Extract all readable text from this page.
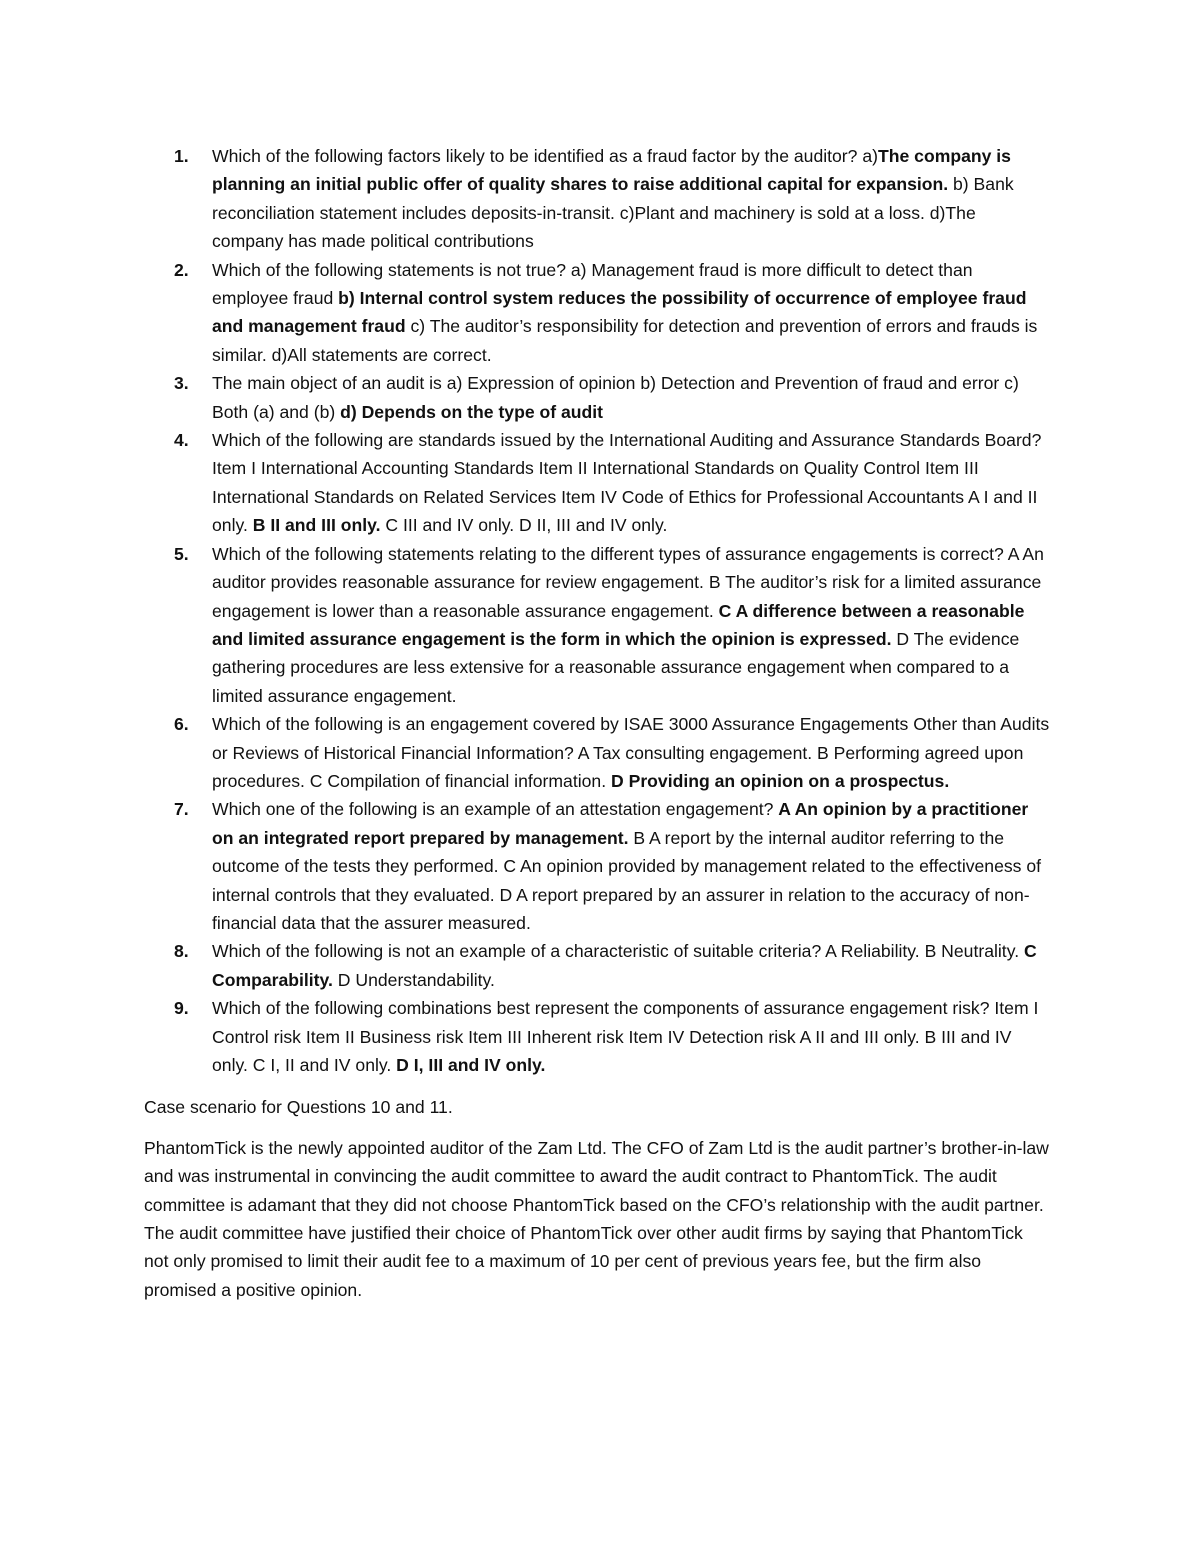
1. Which of the following factors likely to be identified as a fraud factor by the auditor? a)The company is planning an initial public offer of quality shares to raise additional capital for expansion. b) Bank reconciliation statement includes deposits-in-transit. c)Plant and machinery is sold at a loss. d)The company has made political contributions
2. Which of the following statements is not true? a) Management fraud is more difficult to detect than employee fraud b) Internal control system reduces the possibility of occurrence of employee fraud and management fraud c) The auditor’s responsibility for detection and prevention of errors and frauds is similar. d)All statements are correct.
3. The main object of an audit is a) Expression of opinion b) Detection and Prevention of fraud and error c) Both (a) and (b) d) Depends on the type of audit
4. Which of the following are standards issued by the International Auditing and Assurance Standards Board? Item I International Accounting Standards Item II International Standards on Quality Control Item III International Standards on Related Services Item IV Code of Ethics for Professional Accountants A I and II only. B II and III only. C III and IV only. D II, III and IV only.
5. Which of the following statements relating to the different types of assurance engagements is correct? A An auditor provides reasonable assurance for review engagement. B The auditor’s risk for a limited assurance engagement is lower than a reasonable assurance engagement. C A difference between a reasonable and limited assurance engagement is the form in which the opinion is expressed. D The evidence gathering procedures are less extensive for a reasonable assurance engagement when compared to a limited assurance engagement.
6. Which of the following is an engagement covered by ISAE 3000 Assurance Engagements Other than Audits or Reviews of Historical Financial Information? A Tax consulting engagement. B Performing agreed upon procedures. C Compilation of financial information. D Providing an opinion on a prospectus.
7. Which one of the following is an example of an attestation engagement? A An opinion by a practitioner on an integrated report prepared by management. B A report by the internal auditor referring to the outcome of the tests they performed. C An opinion provided by management related to the effectiveness of internal controls that they evaluated. D A report prepared by an assurer in relation to the accuracy of non-financial data that the assurer measured.
8. Which of the following is not an example of a characteristic of suitable criteria? A Reliability. B Neutrality. C Comparability. D Understandability.
9. Which of the following combinations best represent the components of assurance engagement risk? Item I Control risk Item II Business risk Item III Inherent risk Item IV Detection risk A II and III only. B III and IV only. C I, II and IV only. D I, III and IV only.

Case scenario for Questions 10 and 11.

PhantomTick is the newly appointed auditor of the Zam Ltd. The CFO of Zam Ltd is the audit partner’s brother-in-law and was instrumental in convincing the audit committee to award the audit contract to PhantomTick. The audit committee is adamant that they did not choose PhantomTick based on the CFO’s relationship with the audit partner. The audit committee have justified their choice of PhantomTick over other audit firms by saying that PhantomTick not only promised to limit their audit fee to a maximum of 10 per cent of previous years fee, but the firm also promised a positive opinion.
